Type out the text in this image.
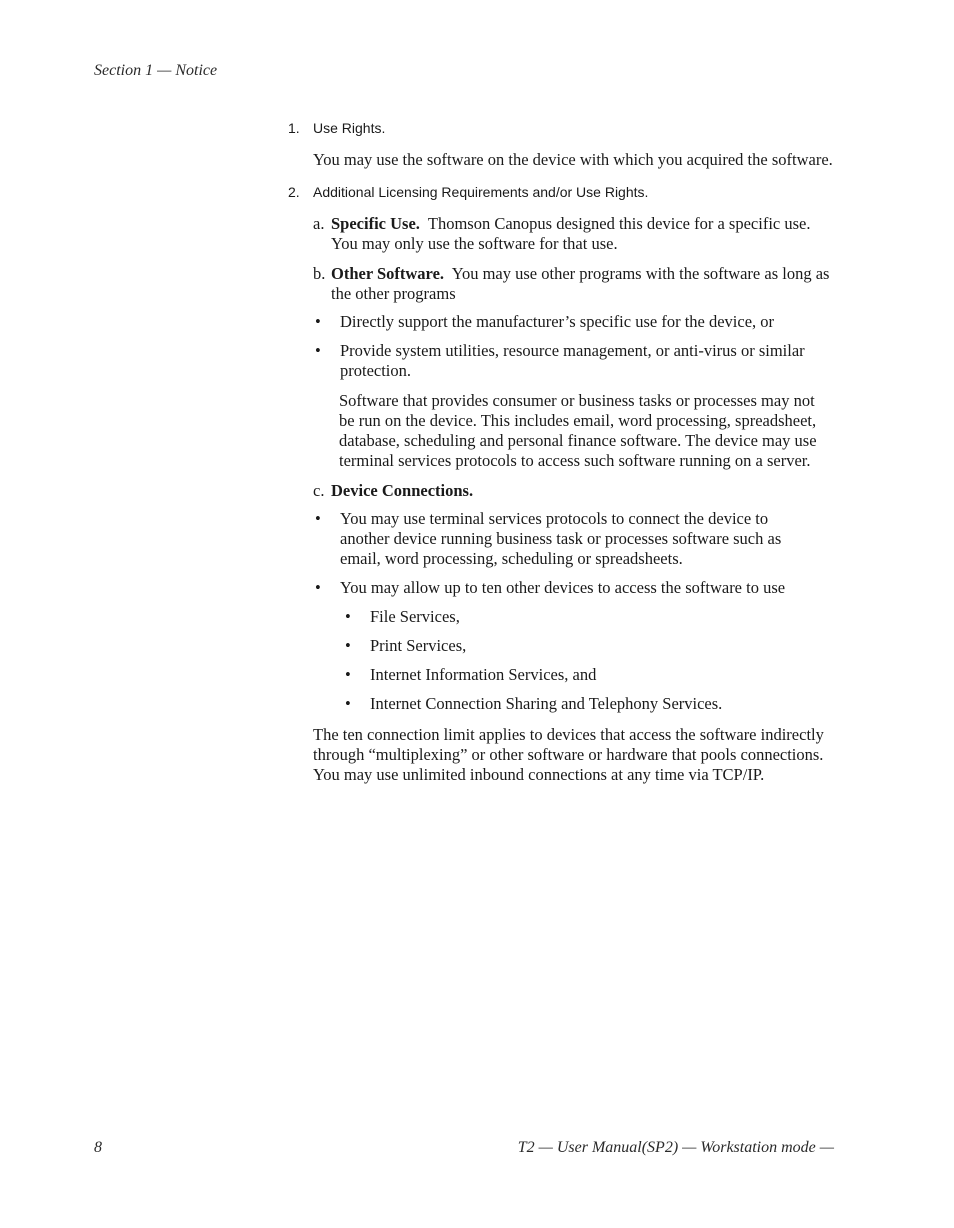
Section 1 — Notice
1. Use Rights.
You may use the software on the device with which you acquired the software.
2. Additional Licensing Requirements and/or Use Rights.
a. Specific Use. Thomson Canopus designed this device for a specific use. You may only use the software for that use.
b. Other Software. You may use other programs with the software as long as the other programs
• Directly support the manufacturer’s specific use for the device, or
• Provide system utilities, resource management, or anti-virus or similar protection.
Software that provides consumer or business tasks or processes may not be run on the device. This includes email, word processing, spreadsheet, database, scheduling and personal finance software. The device may use terminal services protocols to access such software running on a server.
c. Device Connections.
• You may use terminal services protocols to connect the device to another device running business task or processes software such as email, word processing, scheduling or spreadsheets.
• You may allow up to ten other devices to access the software to use
• File Services,
• Print Services,
• Internet Information Services, and
• Internet Connection Sharing and Telephony Services.
The ten connection limit applies to devices that access the software indirectly through “multiplexing” or other software or hardware that pools connections. You may use unlimited inbound connections at any time via TCP/IP.
8	T2 — User Manual(SP2) — Workstation mode —
